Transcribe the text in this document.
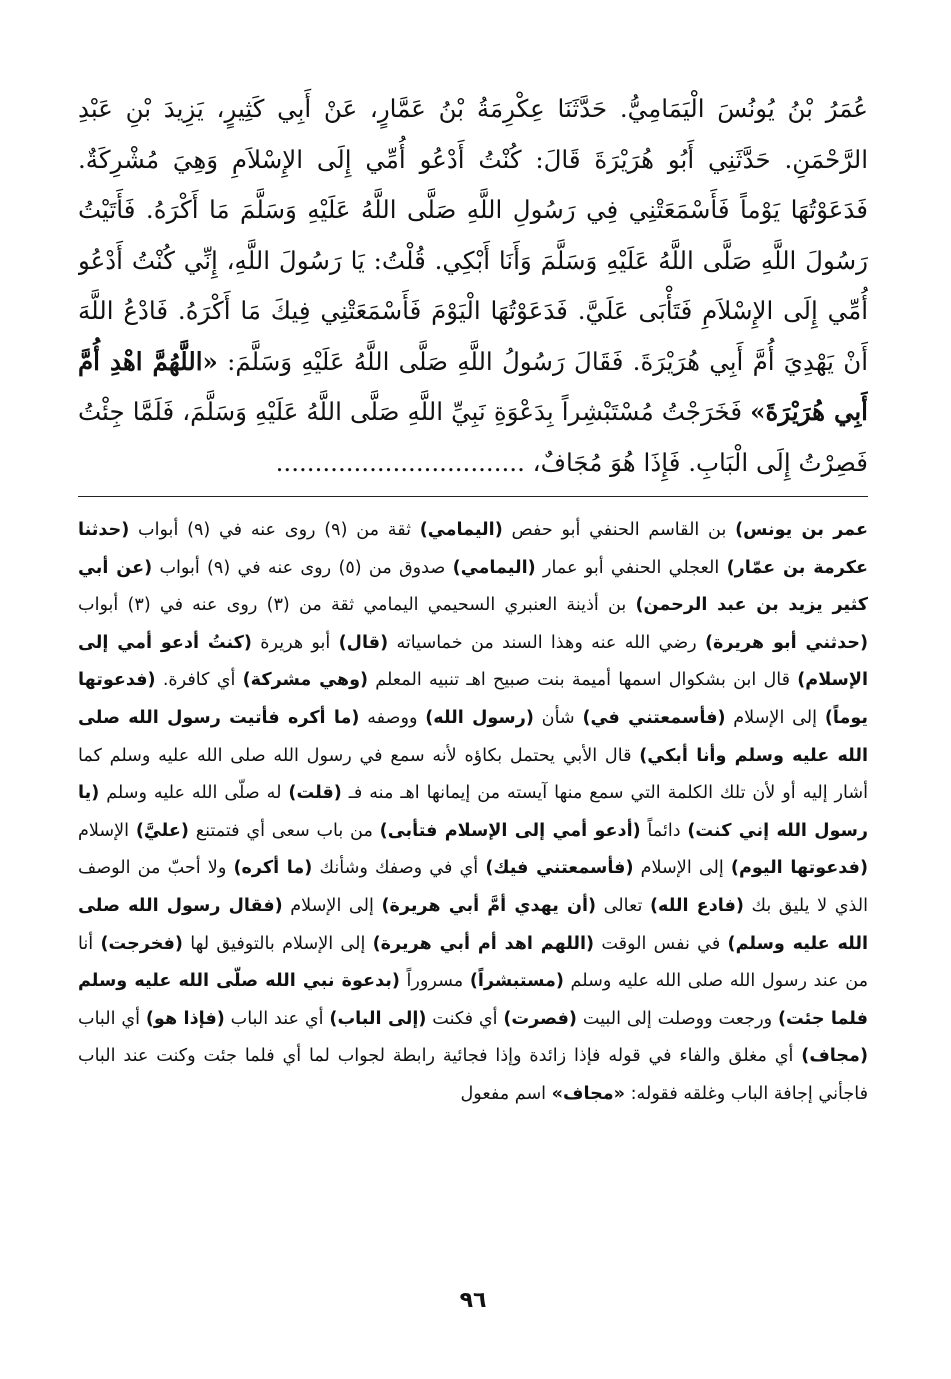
عُمَرُ بْنُ يُونُسَ الْيَمَامِيُّ. حَدَّثَنَا عِكْرِمَةُ بْنُ عَمَّارٍ، عَنْ أَبِي كَثِيرٍ، يَزِيدَ بْنِ عَبْدِ الرَّحْمَنِ. حَدَّثَنِي أَبُو هُرَيْرَةَ قَالَ: كُنْتُ أَدْعُو أُمِّي إِلَى الإِسْلاَمِ وَهِيَ مُشْرِكَةٌ. فَدَعَوْتُهَا يَوْماً فَأَسْمَعَتْنِي فِي رَسُولِ اللَّهِ صَلَّى اللَّهُ عَلَيْهِ وَسَلَّمَ مَا أَكْرَهُ. فَأَتَيْتُ رَسُولَ اللَّهِ صَلَّى اللَّهُ عَلَيْهِ وَسَلَّمَ وَأَنَا أَبْكِي. قُلْتُ: يَا رَسُولَ اللَّهِ، إِنِّي كُنْتُ أَدْعُو أُمِّي إِلَى الإِسْلاَمِ فَتَأْبَى عَلَيَّ. فَدَعَوْتُهَا الْيَوْمَ فَأَسْمَعَتْنِي فِيكَ مَا أَكْرَهُ. فَادْعُ اللَّهَ أَنْ يَهْدِيَ أُمَّ أَبِي هُرَيْرَةَ. فَقَالَ رَسُولُ اللَّهِ صَلَّى اللَّهُ عَلَيْهِ وَسَلَّمَ: «اللَّهُمَّ اهْدِ أُمَّ أَبِي هُرَيْرَةَ» فَخَرَجْتُ مُسْتَبْشِراً بِدَعْوَةِ نَبِيِّ اللَّهِ صَلَّى اللَّهُ عَلَيْهِ وَسَلَّمَ، فَلَمَّا جِئْتُ فَصِرْتُ إِلَى الْبَابِ. فَإِذَا هُوَ مُجَافٌ، ................................

عمر بن يونس) بن القاسم الحنفي أبو حفص (اليمامي) ثقة من (٩) روى عنه في (٩) أبواب (حدثنا عكرمة بن عمّار) العجلي الحنفي أبو عمار (اليمامي) صدوق من (٥) روى عنه في (٩) أبواب (عن أبي كثير يزيد بن عبد الرحمن) بن أذينة العنبري السحيمي اليمامي ثقة من (٣) روى عنه في (٣) أبواب (حدثني أبو هريرة) رضي الله عنه وهذا السند من خماسياته (قال) أبو هريرة (كنتُ أدعو أمي إلى الإسلام) قال ابن بشكوال اسمها أميمة بنت صبيح اهـ تنبيه المعلم (وهي مشركة) أي كافرة. (فدعوتها يوماً) إلى الإسلام (فأسمعتني في) شأن (رسول الله) ووصفه (ما أكره فأتيت رسول الله صلى الله عليه وسلم وأنا أبكي) قال الأبي يحتمل بكاؤه لأنه سمع في رسول الله صلى الله عليه وسلم كما أشار إليه أو لأن تلك الكلمة التي سمع منها آيسته من إيمانها اهـ منه فـ (قلت) له صلّى الله عليه وسلم (يا رسول الله إني كنت) دائماً (أدعو أمي إلى الإسلام فتأبى) من باب سعى أي فتمتنع (عليَّ) الإسلام (فدعوتها اليوم) إلى الإسلام (فأسمعتني فيك) أي في وصفك وشأنك (ما أكره) ولا أحبّ من الوصف الذي لا يليق بك (فادع الله) تعالى (أن يهدي أمَّ أبي هريرة) إلى الإسلام (فقال رسول الله صلى الله عليه وسلم) في نفس الوقت (اللهم اهد أم أبي هريرة) إلى الإسلام بالتوفيق لها (فخرجت) أنا من عند رسول الله صلى الله عليه وسلم (مستبشراً) مسروراً (بدعوة نبي الله صلّى الله عليه وسلم فلما جئت) ورجعت ووصلت إلى البيت (فصرت) أي فكنت (إلى الباب) أي عند الباب (فإذا هو) أي الباب (مجاف) أي مغلق والفاء في قوله فإذا زائدة وإذا فجائية رابطة لجواب لما أي فلما جئت وكنت عند الباب فاجأني إجافة الباب وغلقه فقوله: «مجاف» اسم مفعول

٩٦
